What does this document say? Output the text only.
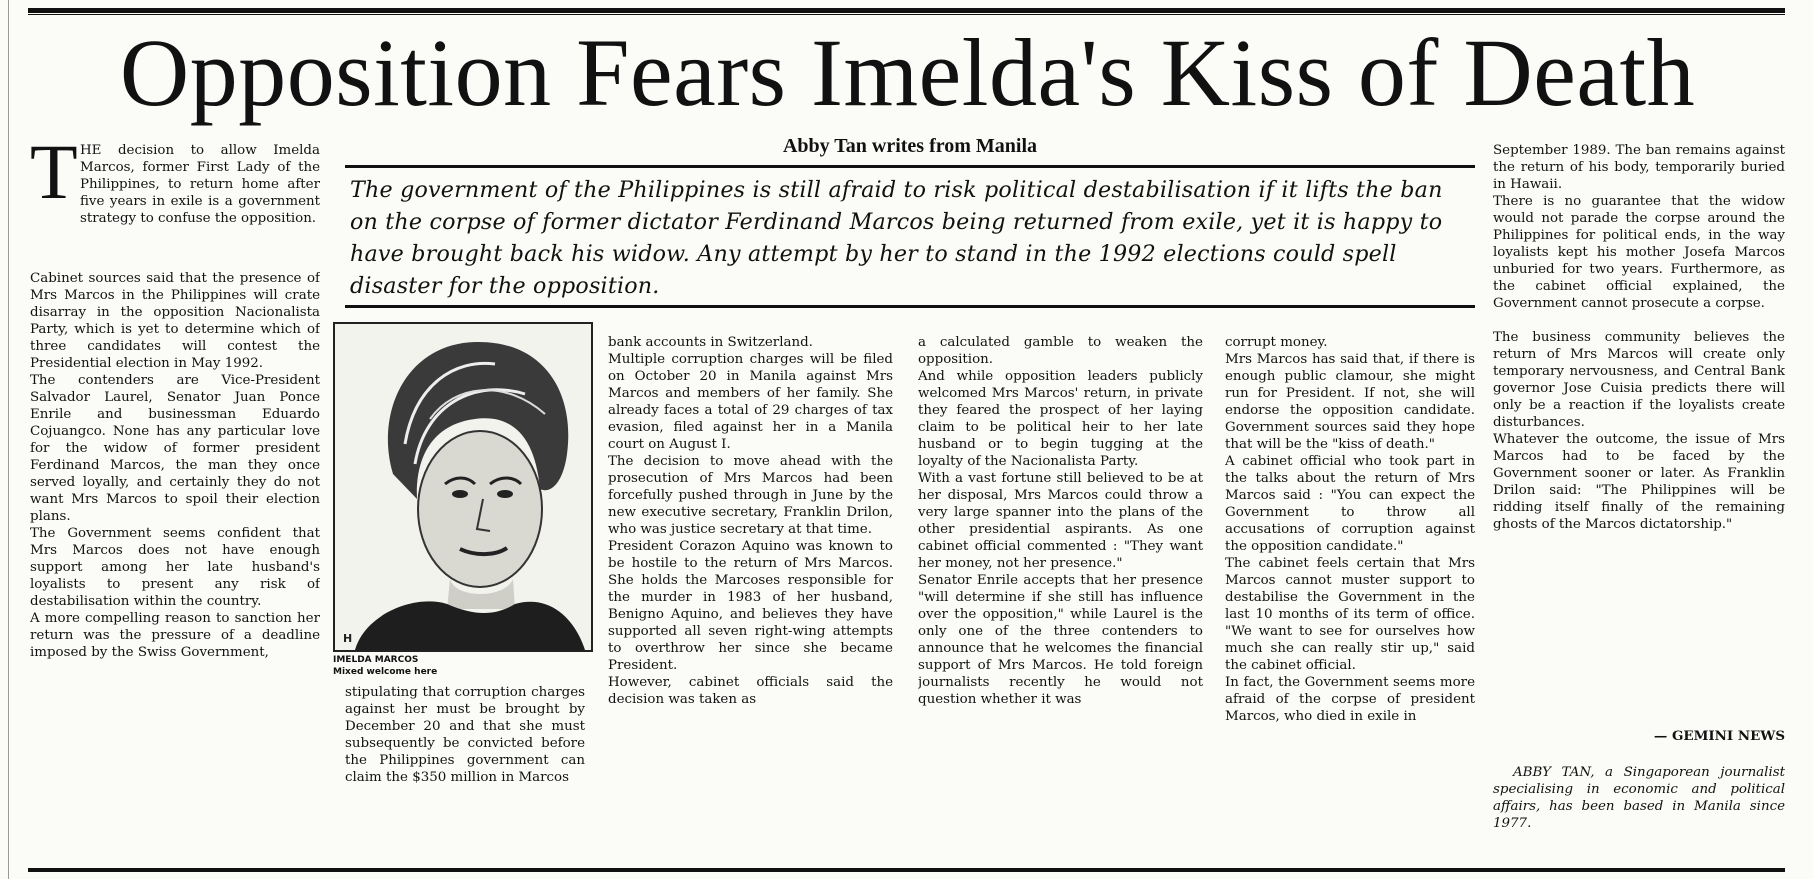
Opposition Fears Imelda's Kiss of Death

Abby Tan writes from Manila

The government of the Philippines is still afraid to risk political destabilisation if it lifts the ban on the corpse of former dictator Ferdinand Marcos being returned from exile, yet it is happy to have brought back his widow. Any attempt by her to stand in the 1992 elections could spell disaster for the opposition.

T HE decision to allow Imelda Marcos, former First Lady of the Philippines, to return home after five years in exile is a government strategy to confuse the opposition.

Cabinet sources said that the presence of Mrs Marcos in the Philippines will crate disarray in the opposition Nacionalista Party, which is yet to determine which of three candidates will contest the Presidential election in May 1992.
The contenders are Vice-President Salvador Laurel, Senator Juan Ponce Enrile and businessman Eduardo Cojuangco. None has any particular love for the widow of former president Ferdinand Marcos, the man they once served loyally, and certainly they do not want Mrs Marcos to spoil their election plans.
The Government seems confident that Mrs Marcos does not have enough support among her late husband's loyalists to present any risk of destabilisation within the country.
A more compelling reason to sanction her return was the pressure of a deadline imposed by the Swiss Government,

H

IMELDA MARCOS

Mixed welcome here

stipulating that corruption charges against her must be brought by December 20 and that she must subsequently be convicted before the Philippines government can claim the $350 million in Marcos

bank accounts in Switzerland.
Multiple corruption charges will be filed on October 20 in Manila against Mrs Marcos and members of her family. She already faces a total of 29 charges of tax evasion, filed against her in a Manila court on August I.
The decision to move ahead with the prosecution of Mrs Marcos had been forcefully pushed through in June by the new executive secretary, Franklin Drilon, who was justice secretary at that time.
President Corazon Aquino was known to be hostile to the return of Mrs Marcos. She holds the Marcoses responsible for the murder in 1983 of her husband, Benigno Aquino, and believes they have supported all seven right-wing attempts to overthrow her since she became President.
However, cabinet officials said the decision was taken as

a calculated gamble to weaken the opposition.
And while opposition leaders publicly welcomed Mrs Marcos' return, in private they feared the prospect of her laying claim to be political heir to her late husband or to begin tugging at the loyalty of the Nacionalista Party.
With a vast fortune still believed to be at her disposal, Mrs Marcos could throw a very large spanner into the plans of the other presidential aspirants. As one cabinet official commented : "They want her money, not her presence."
Senator Enrile accepts that her presence "will determine if she still has influence over the opposition," while Laurel is the only one of the three contenders to announce that he welcomes the financial support of Mrs Marcos. He told foreign journalists recently he would not question whether it was

corrupt money.
Mrs Marcos has said that, if there is enough public clamour, she might run for President. If not, she will endorse the opposition candidate. Government sources said they hope that will be the "kiss of death."
A cabinet official who took part in the talks about the return of Mrs Marcos said : "You can expect the Government to throw all accusations of corruption against the opposition candidate."
The cabinet feels certain that Mrs Marcos cannot muster support to destabilise the Government in the last 10 months of its term of office. "We want to see for ourselves how much she can really stir up," said the cabinet official.
In fact, the Government seems more afraid of the corpse of president Marcos, who died in exile in

September 1989. The ban remains against the return of his body, temporarily buried in Hawaii.
There is no guarantee that the widow would not parade the corpse around the Philippines for political ends, in the way loyalists kept his mother Josefa Marcos unburied for two years. Furthermore, as the cabinet official explained, the Government cannot prosecute a corpse.

The business community believes the return of Mrs Marcos will create only temporary nervousness, and Central Bank governor Jose Cuisia predicts there will only be a reaction if the loyalists create disturbances.
Whatever the outcome, the issue of Mrs Marcos had to be faced by the Government sooner or later. As Franklin Drilon said: "The Philippines will be ridding itself finally of the remaining ghosts of the Marcos dictatorship."

— GEMINI NEWS

ABBY TAN, a Singaporean journalist specialising in economic and political affairs, has been based in Manila since 1977.
